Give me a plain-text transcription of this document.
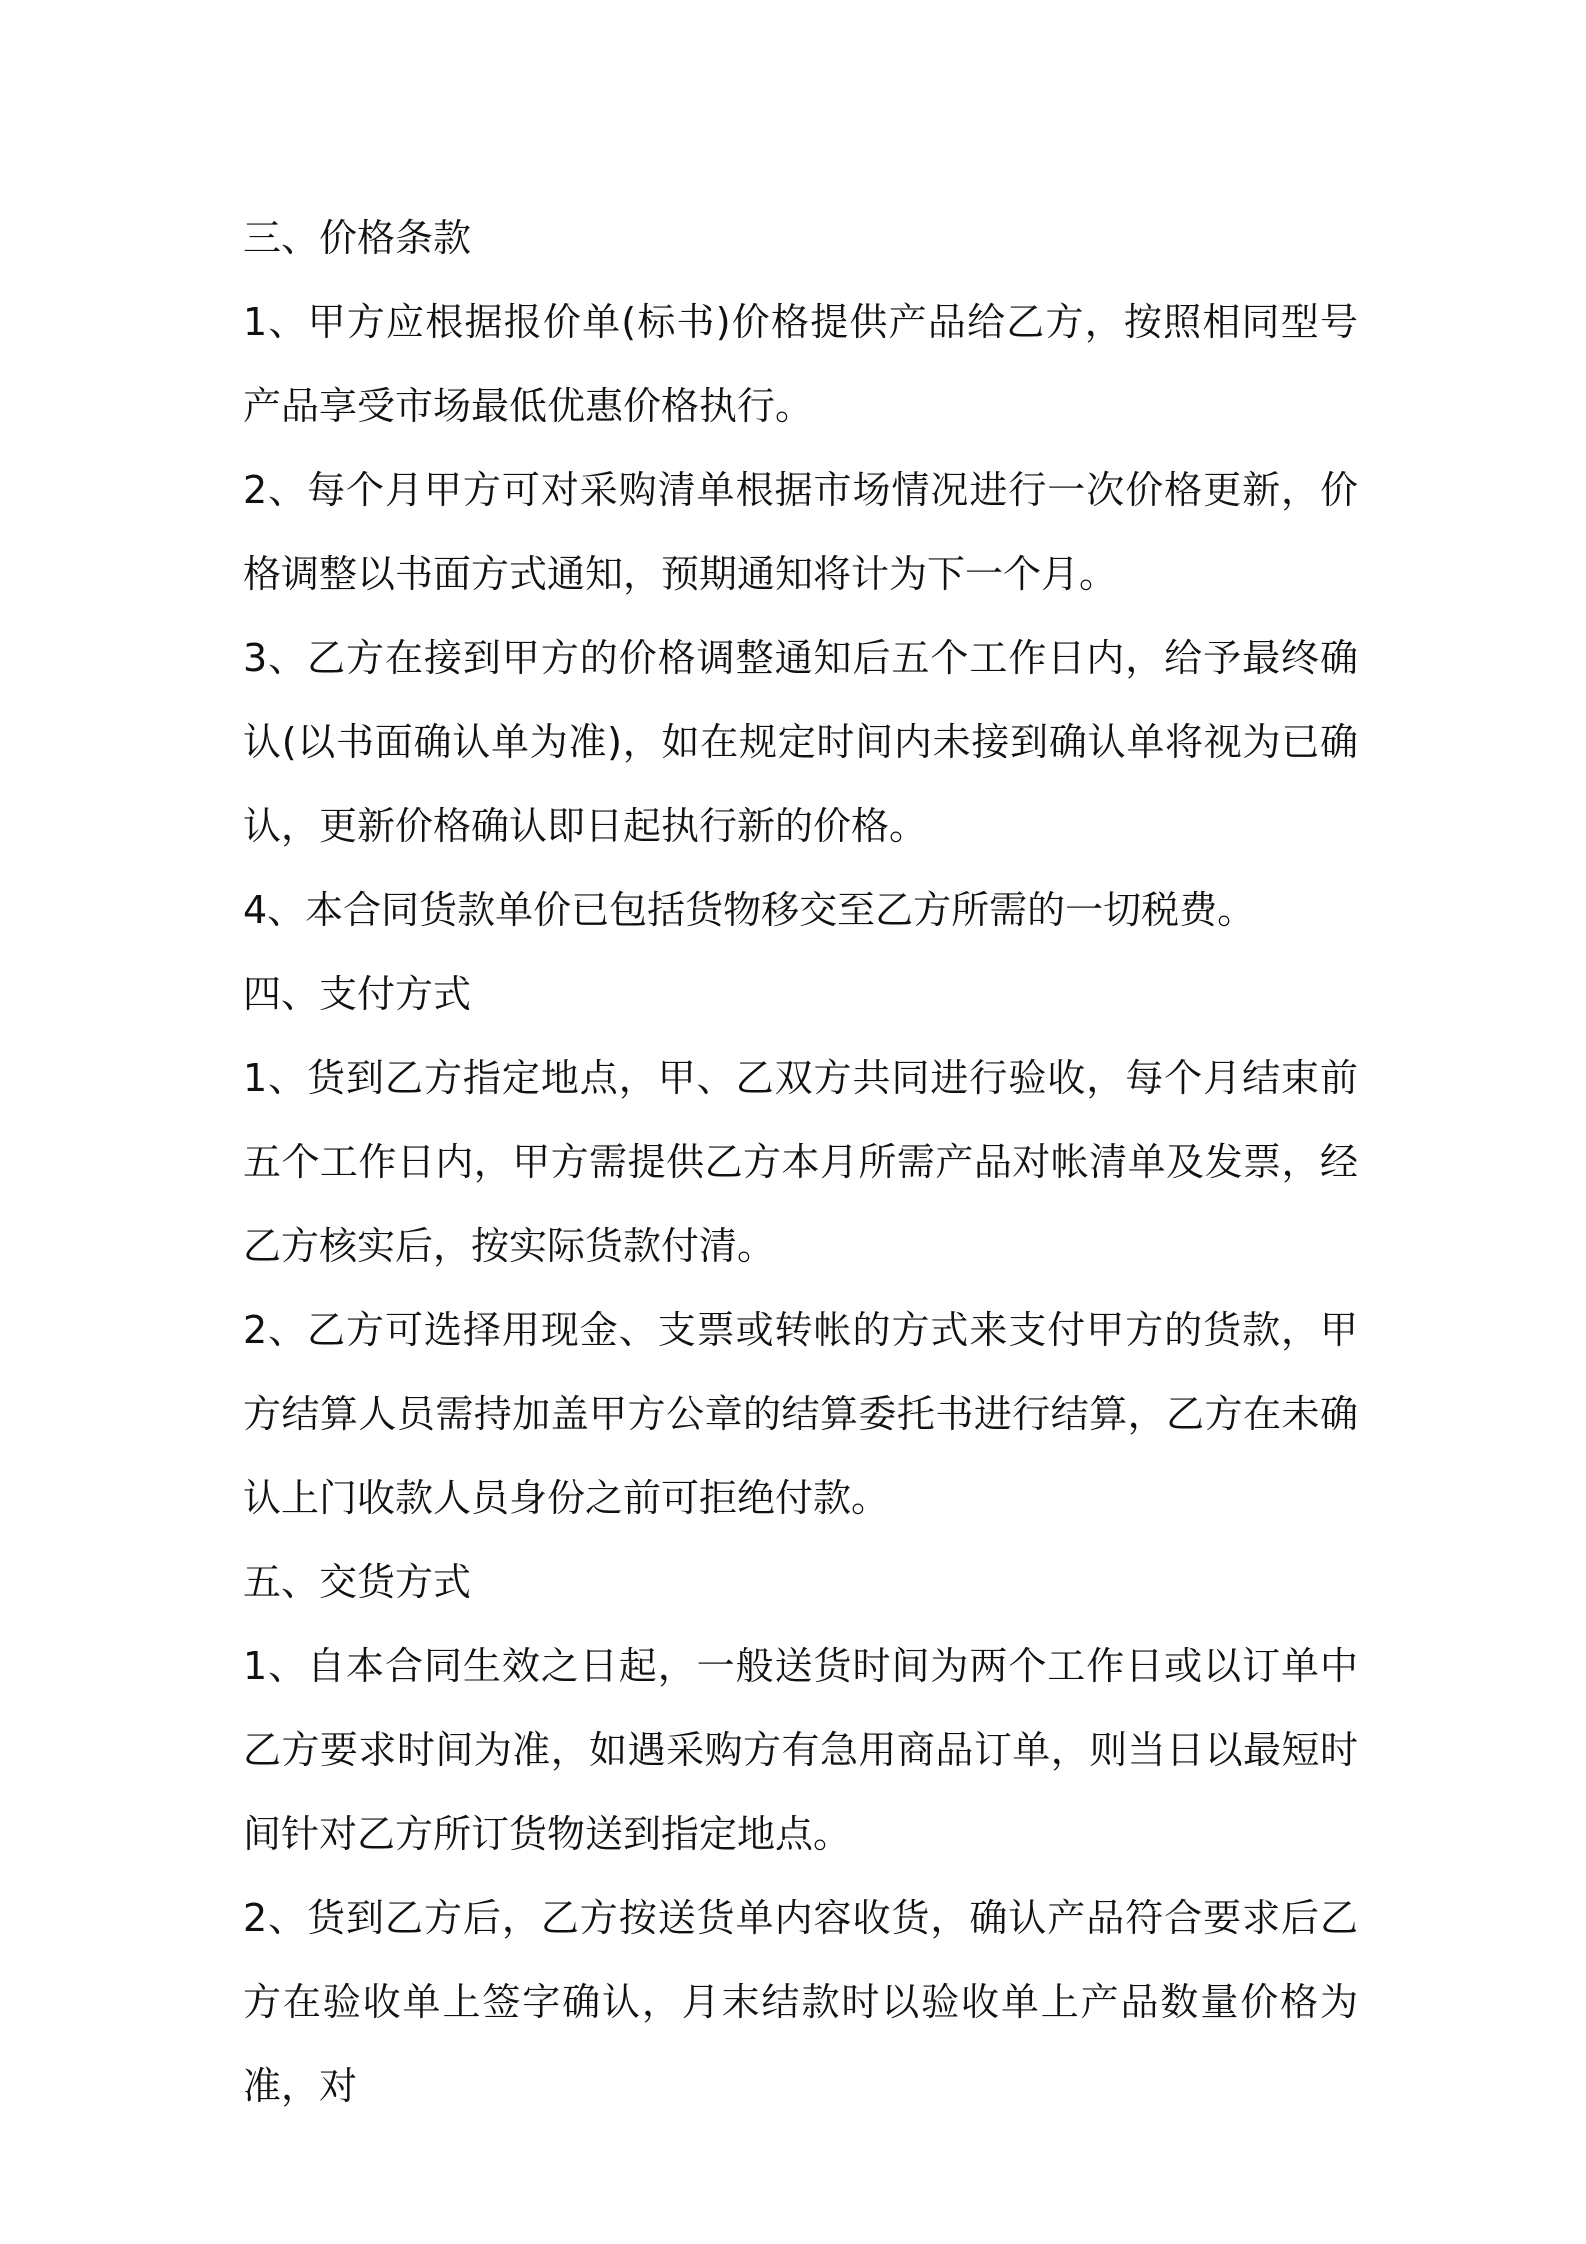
三、价格条款

1、甲方应根据报价单(标书)价格提供产品给乙方，按照相同型号产品享受市场最低优惠价格执行。

2、每个月甲方可对采购清单根据市场情况进行一次价格更新，价格调整以书面方式通知，预期通知将计为下一个月。

3、乙方在接到甲方的价格调整通知后五个工作日内，给予最终确认(以书面确认单为准)，如在规定时间内未接到确认单将视为已确认，更新价格确认即日起执行新的价格。

4、本合同货款单价已包括货物移交至乙方所需的一切税费。

四、支付方式

1、货到乙方指定地点，甲、乙双方共同进行验收，每个月结束前五个工作日内，甲方需提供乙方本月所需产品对帐清单及发票，经乙方核实后，按实际货款付清。

2、乙方可选择用现金、支票或转帐的方式来支付甲方的货款，甲方结算人员需持加盖甲方公章的结算委托书进行结算，乙方在未确认上门收款人员身份之前可拒绝付款。

五、交货方式

1、自本合同生效之日起，一般送货时间为两个工作日或以订单中乙方要求时间为准，如遇采购方有急用商品订单，则当日以最短时间针对乙方所订货物送到指定地点。

2、货到乙方后，乙方按送货单内容收货，确认产品符合要求后乙方在验收单上签字确认，月末结款时以验收单上产品数量价格为准，对
